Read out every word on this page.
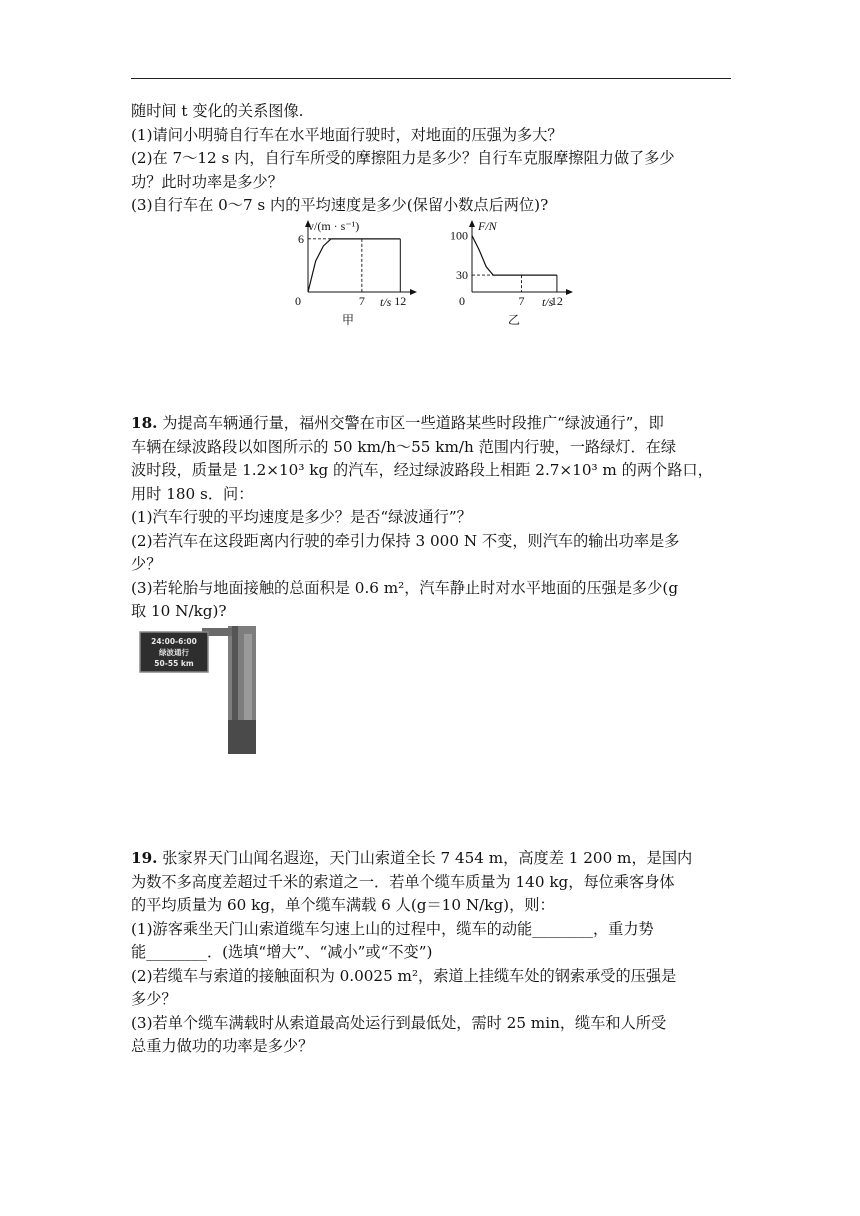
随时间 t 变化的关系图像.
(1)请问小明骑自行车在水平地面行驶时，对地面的压强为多大？
(2)在 7～12 s 内，自行车所受的摩擦阻力是多少？自行车克服摩擦阻力做了多少
功？此时功率是多少？
(3)自行车在 0～7 s 内的平均速度是多少(保留小数点后两位)?
v/(m · s⁻¹)
t/s
0	7 12
6
甲
F/N
t/s
0	7 12
100
30
乙
18. 为提高车辆通行量，福州交警在市区一些道路某些时段推广“绿波通行”，即
车辆在绿波路段以如图所示的 50 km/h～55 km/h 范围内行驶，一路绿灯．在绿
波时段，质量是 1.2×10³ kg 的汽车，经过绿波路段上相距 2.7×10³ m 的两个路口，
用时 180 s．问：
(1)汽车行驶的平均速度是多少？是否“绿波通行”？
(2)若汽车在这段距离内行驶的牵引力保持 3 000 N 不变，则汽车的输出功率是多
少？
(3)若轮胎与地面接触的总面积是 0.6 m²，汽车静止时对水平地面的压强是多少(g
取 10 N/kg)?
24:00-6:00
绿波通行
50-55 km
19. 张家界天门山闻名遐迩，天门山索道全长 7 454 m，高度差 1 200 m，是国内
为数不多高度差超过千米的索道之一．若单个缆车质量为 140 kg，每位乘客身体
的平均质量为 60 kg，单个缆车满载 6 人(g＝10 N/kg)，则：
(1)游客乘坐天门山索道缆车匀速上山的过程中，缆车的动能________，重力势
能________．(选填“增大”、“减小”或“不变”)
(2)若缆车与索道的接触面积为 0.0025 m²，索道上挂缆车处的钢索承受的压强是
多少？
(3)若单个缆车满载时从索道最高处运行到最低处，需时 25 min，缆车和人所受
总重力做功的功率是多少？
